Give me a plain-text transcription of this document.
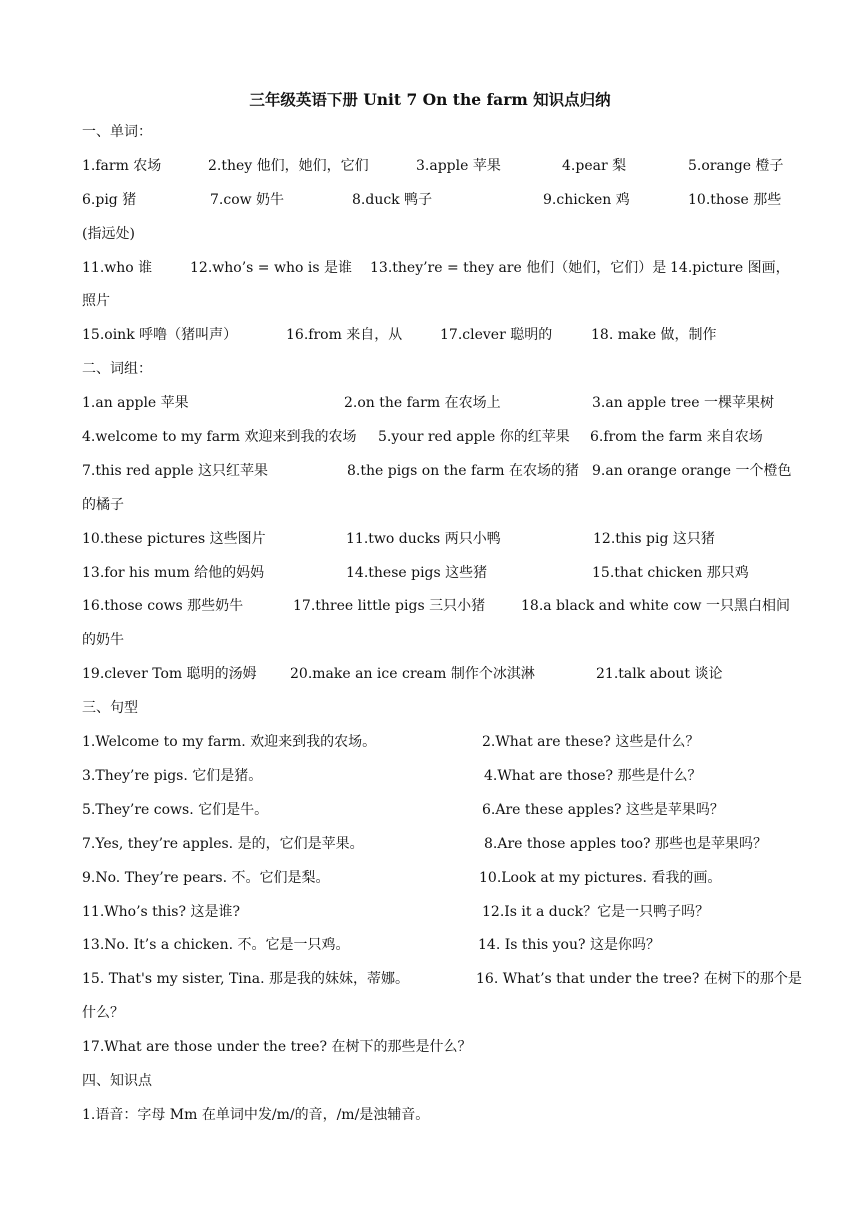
三年级英语下册 Unit 7 On the farm 知识点归纳
一、单词：
1.farm 农场	2.they 他们，她们，它们	3.apple 苹果	4.pear 梨	5.orange 橙子
6.pig 猪	7.cow 奶牛	8.duck 鸭子	9.chicken 鸡	10.those 那些
(指远处)
11.who 谁	12.who’s = who is 是谁 13.they’re = they are 他们（她们，它们）是 14.picture 图画，
照片
15.oink 呼噜（猪叫声）	16.from 来自，从	17.clever 聪明的	18. make 做，制作
二、词组：
1.an apple 苹果	2.on the farm 在农场上	3.an apple tree 一棵苹果树
4.welcome to my farm 欢迎来到我的农场 5.your red apple 你的红苹果 6.from the farm 来自农场
7.this red apple 这只红苹果	8.the pigs on the farm 在农场的猪 9.an orange orange 一个橙色
的橘子
10.these pictures 这些图片	11.two ducks 两只小鸭	12.this pig 这只猪
13.for his mum 给他的妈妈	14.these pigs 这些猪	15.that chicken 那只鸡
16.those cows 那些奶牛	17.three little pigs 三只小猪	18.a black and white cow 一只黑白相间
的奶牛
19.clever Tom 聪明的汤姆 20.make an ice cream 制作个冰淇淋	21.talk about 谈论
三、句型
1.Welcome to my farm. 欢迎来到我的农场。	2.What are these? 这些是什么？
3.They’re pigs. 它们是猪。	4.What are those? 那些是什么？
5.They’re cows. 它们是牛。	6.Are these apples? 这些是苹果吗？
7.Yes, they’re apples. 是的，它们是苹果。	8.Are those apples too? 那些也是苹果吗？
9.No. They’re pears. 不。它们是梨。	10.Look at my pictures. 看我的画。
11.Who’s this? 这是谁?	12.Is it a duck？它是一只鸭子吗？
13.No. It’s a chicken. 不。它是一只鸡。	14. Is this you? 这是你吗？
15. That's my sister, Tina. 那是我的妹妹，蒂娜。	16. What’s that under the tree? 在树下的那个是
什么？
17.What are those under the tree? 在树下的那些是什么？
四、知识点
1.语音：字母 Mm 在单词中发/m/的音，/m/是浊辅音。
